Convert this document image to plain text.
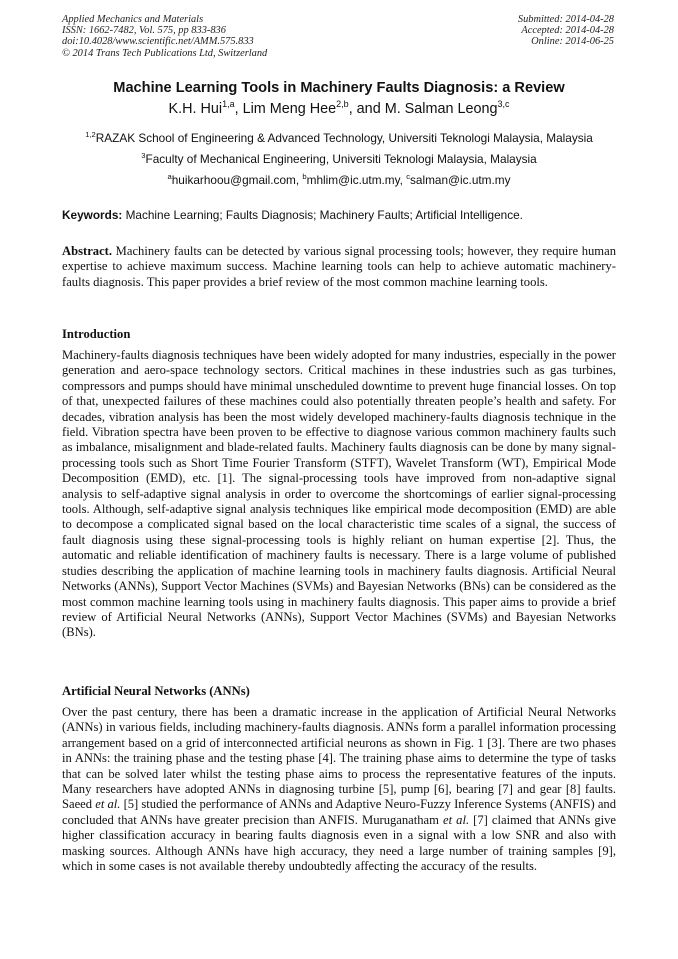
Applied Mechanics and Materials
ISSN: 1662-7482, Vol. 575, pp 833-836
doi:10.4028/www.scientific.net/AMM.575.833
© 2014 Trans Tech Publications Ltd, Switzerland
Submitted: 2014-04-28
Accepted: 2014-04-28
Online: 2014-06-25
Machine Learning Tools in Machinery Faults Diagnosis: a Review
K.H. Hui$^{1,a}$, Lim Meng Hee$^{2,b}$, and M. Salman Leong$^{3,c}$
$^{1,2}$RAZAK School of Engineering & Advanced Technology, Universiti Teknologi Malaysia, Malaysia
$^3$Faculty of Mechanical Engineering, Universiti Teknologi Malaysia, Malaysia
$^a$huikarhoou@gmail.com, $^b$mhlim@ic.utm.my, $^c$salman@ic.utm.my
Keywords: Machine Learning; Faults Diagnosis; Machinery Faults; Artificial Intelligence.
Abstract. Machinery faults can be detected by various signal processing tools; however, they require human expertise to achieve maximum success. Machine learning tools can help to achieve automatic machinery-faults diagnosis. This paper provides a brief review of the most common machine learning tools.
Introduction
Machinery-faults diagnosis techniques have been widely adopted for many industries, especially in the power generation and aero-space technology sectors. Critical machines in these industries such as gas turbines, compressors and pumps should have minimal unscheduled downtime to prevent huge financial losses. On top of that, unexpected failures of these machines could also potentially threaten people’s health and safety. For decades, vibration analysis has been the most widely developed machinery-faults diagnosis technique in the field. Vibration spectra have been proven to be effective to diagnose various common machinery faults such as imbalance, misalignment and blade-related faults. Machinery faults diagnosis can be done by many signal-processing tools such as Short Time Fourier Transform (STFT), Wavelet Transform (WT), Empirical Mode Decomposition (EMD), etc. [1]. The signal-processing tools have improved from non-adaptive signal analysis to self-adaptive signal analysis in order to overcome the shortcomings of earlier signal-processing tools. Although, self-adaptive signal analysis techniques like empirical mode decomposition (EMD) are able to decompose a complicated signal based on the local characteristic time scales of a signal, the success of fault diagnosis using these signal-processing tools is highly reliant on human expertise [2]. Thus, the automatic and reliable identification of machinery faults is necessary. There is a large volume of published studies describing the application of machine learning tools in machinery faults diagnosis. Artificial Neural Networks (ANNs), Support Vector Machines (SVMs) and Bayesian Networks (BNs) can be considered as the most common machine learning tools using in machinery faults diagnosis. This paper aims to provide a brief review of Artificial Neural Networks (ANNs), Support Vector Machines (SVMs) and Bayesian Networks (BNs).
Artificial Neural Networks (ANNs)
Over the past century, there has been a dramatic increase in the application of Artificial Neural Networks (ANNs) in various fields, including machinery-faults diagnosis. ANNs form a parallel information processing arrangement based on a grid of interconnected artificial neurons as shown in Fig. 1 [3]. There are two phases in ANNs: the training phase and the testing phase [4]. The training phase aims to determine the type of tasks that can be solved later whilst the testing phase aims to process the representative features of the inputs. Many researchers have adopted ANNs in diagnosing turbine [5], pump [6], bearing [7] and gear [8] faults. Saeed et al. [5] studied the performance of ANNs and Adaptive Neuro-Fuzzy Inference Systems (ANFIS) and concluded that ANNs have greater precision than ANFIS. Muruganatham et al. [7] claimed that ANNs give higher classification accuracy in bearing faults diagnosis even in a signal with a low SNR and also with masking sources. Although ANNs have high accuracy, they need a large number of training samples [9], which in some cases is not available thereby undoubtedly affecting the accuracy of the results.
